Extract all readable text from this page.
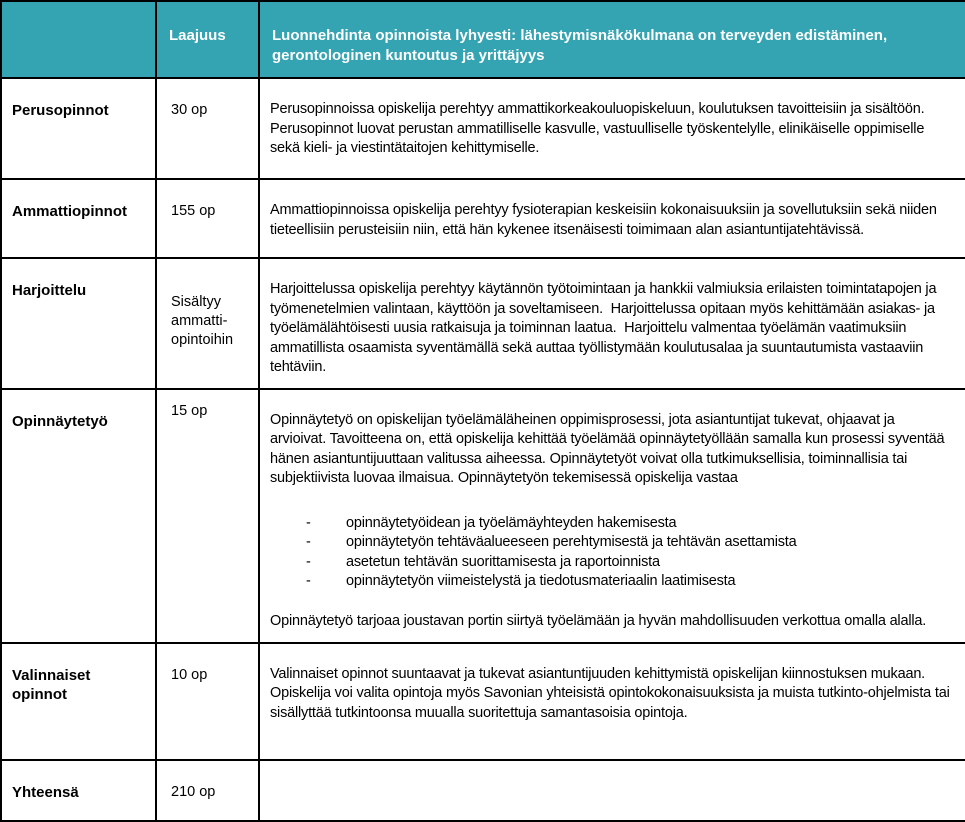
	Laajuus	Luonnehdinta opinnoista lyhyesti: lähestymisnäkökulmana on terveyden edistäminen, gerontologinen kuntoutus ja yrittäjyys
Perusopinnot	30 op	Perusopinnoissa opiskelija perehtyy ammattikorkeakouluopiskeluun, koulutuksen tavoitteisiin ja sisältöön. Perusopinnot luovat perustan ammatilliselle kasvulle, vastuulliselle työskentelylle, elinikäiselle oppimiselle sekä kieli- ja viestintätaitojen kehittymiselle.

Ammattiopinnot	155 op	Ammattiopinnoissa opiskelija perehtyy fysioterapian keskeisiin kokonaisuuksiin ja sovellutuksiin sekä niiden tieteellisiin perusteisiin niin, että hän kykenee itsenäisesti toimimaan alan asiantuntijatehtävissä.

Harjoittelu	Sisältyy ammatti-opintoihin	Harjoittelussa opiskelija perehtyy käytännön työtoimintaan ja hankkii valmiuksia erilaisten toimintatapojen ja työmenetelmien valintaan, käyttöön ja soveltamiseen.  Harjoittelussa opitaan myös kehittämään asiakas- ja työelämälähtöisesti uusia ratkaisuja ja toiminnan laatua.  Harjoittelu valmentaa työelämän vaatimuksiin ammatillista osaamista syventämällä sekä auttaa työllistymään koulutusalaa ja suuntautumista vastaaviin tehtäviin.

Opinnäytetyö	15 op	
Opinnäytetyö on opiskelijan työelämäläheinen oppimisprosessi, jota asiantuntijat tukevat, ohjaavat ja arvioivat. Tavoitteena on, että opiskelija kehittää työelämää opinnäytetyöllään samalla kun prosessi syventää hänen asiantuntijuuttaan valitussa aiheessa. Opinnäytetyöt voivat olla tutkimuksellisia, toiminnallisia tai subjektiivista luovaa ilmaisua. Opinnäytetyön tekemisessä opiskelija vastaa
-	opinnäytetyöidean ja työelämäyhteyden hakemisesta
-	opinnäytetyön tehtäväalueeseen perehtymisestä ja tehtävän asettamista
-	asetetun tehtävän suorittamisesta ja raportoinnista
-	opinnäytetyön viimeistelystä ja tiedotusmateriaalin laatimisesta
Opinnäytetyö tarjoaa joustavan portin siirtyä työelämään ja hyvän mahdollisuuden verkottua omalla alalla.

Valinnaiset opinnot	10 op	Valinnaiset opinnot suuntaavat ja tukevat asiantuntijuuden kehittymistä opiskelijan kiinnostuksen mukaan. Opiskelija voi valita opintoja myös Savonian yhteisistä opintokokonaisuuksista ja muista tutkinto-ohjelmista tai sisällyttää tutkintoonsa muualla suoritettuja samantasoisia opintoja.

Yhteensä	210 op	
